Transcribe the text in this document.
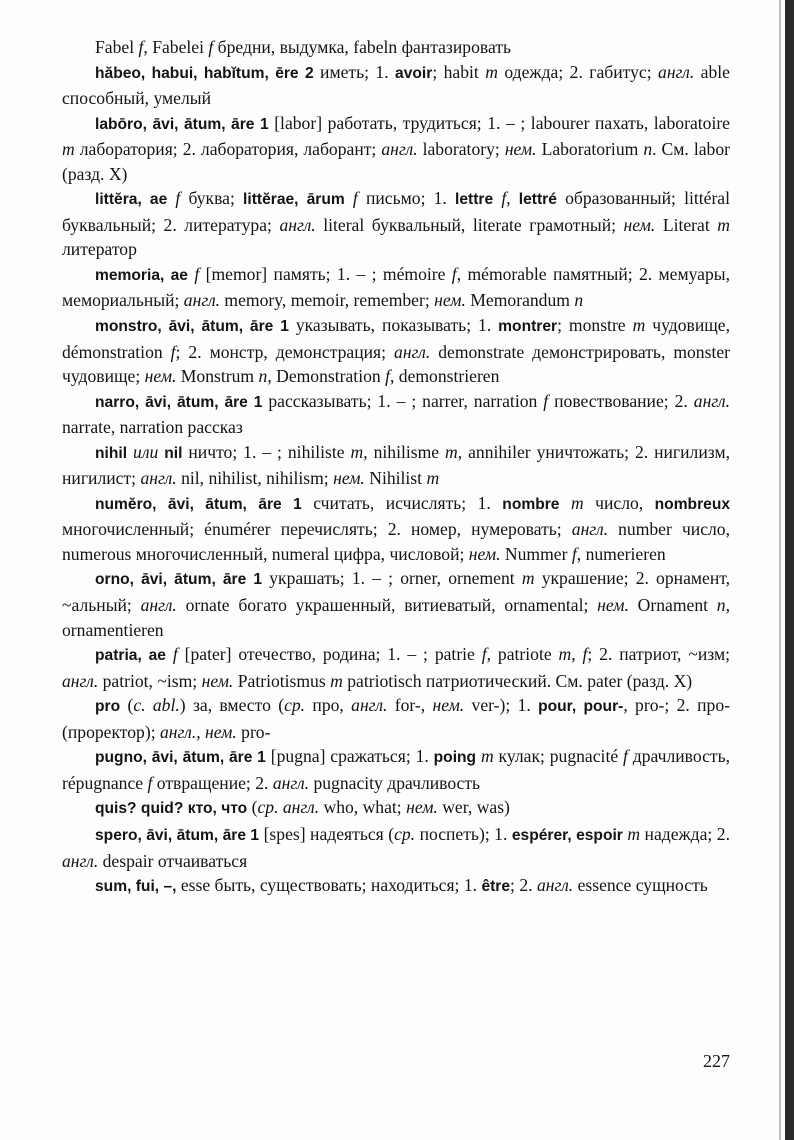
Fabel f, Fabelei f бредни, выдумка, fabeln фантазировать

hăbeo, habui, habĭtum, ēre 2 иметь; 1. avoir; habit m одежда; 2. габитус; англ. able способный, умелый

labōro, āvi, ātum, āre 1 [labor] работать, трудиться; 1. – ; labourer пахать, laboratoire m лаборатория; 2. лаборатория, лаборант; англ. laboratory; нем. Laboratorium n. См. labor (разд. X)

littĕra, ae f буква; littĕrae, ārum f письмо; 1. lettre f, lettré образованный; littéral буквальный; 2. литература; англ. literal буквальный, literate грамотный; нем. Literat m литератор

memoria, ae f [memor] память; 1. – ; mémoire f, mémorable памятный; 2. мемуары, мемориальный; англ. memory, memoir, remember; нем. Memorandum n

monstro, āvi, ātum, āre 1 указывать, показывать; 1. montrer; monstre m чудовище, démonstration f; 2. монстр, демонстрация; англ. demonstrate демонстрировать, monster чудовище; нем. Monstrum n, Demonstration f, demonstrieren

narro, āvi, ātum, āre 1 рассказывать; 1. – ; narrer, narration f повествование; 2. англ. narrate, narration рассказ

nihil или nil ничто; 1. – ; nihiliste m, nihilisme m, annihiler уничтожать; 2. нигилизм, нигилист; англ. nil, nihilist, nihilism; нем. Nihilist m

numĕro, āvi, ātum, āre 1 считать, исчислять; 1. nombre m число, nombreux многочисленный; énumérer перечислять; 2. номер, нумеровать; англ. number число, numerous многочисленный, numeral цифра, числовой; нем. Nummer f, numerieren

orno, āvi, ātum, āre 1 украшать; 1. – ; orner, ornement m украшение; 2. орнамент, ~альный; англ. ornate богато украшенный, витиеватый, ornamental; нем. Ornament n, ornamentieren

patria, ae f [pater] отечество, родина; 1. – ; patrie f, patriote m, f; 2. патриот, ~изм; англ. patriot, ~ism; нем. Patriotismus m patriotisch патриотический. См. pater (разд. X)

pro (c. abl.) за, вместо (ср. про, англ. for-, нем. ver-); 1. pour, pour-, pro-; 2. про- (проректор); англ., нем. pro-

pugno, āvi, ātum, āre 1 [pugna] сражаться; 1. poing m кулак; pugnacité f драчливость, répugnance f отвращение; 2. англ. pugnacity драчливость

quis? quid? кто, что (ср. англ. who, what; нем. wer, was)

spero, āvi, ātum, āre 1 [spes] надеяться (ср. поспеть); 1. espérer, espoir m надежда; 2. англ. despair отчаиваться

sum, fui, –, esse быть, существовать; находиться; 1. être; 2. англ. essence сущность

227
